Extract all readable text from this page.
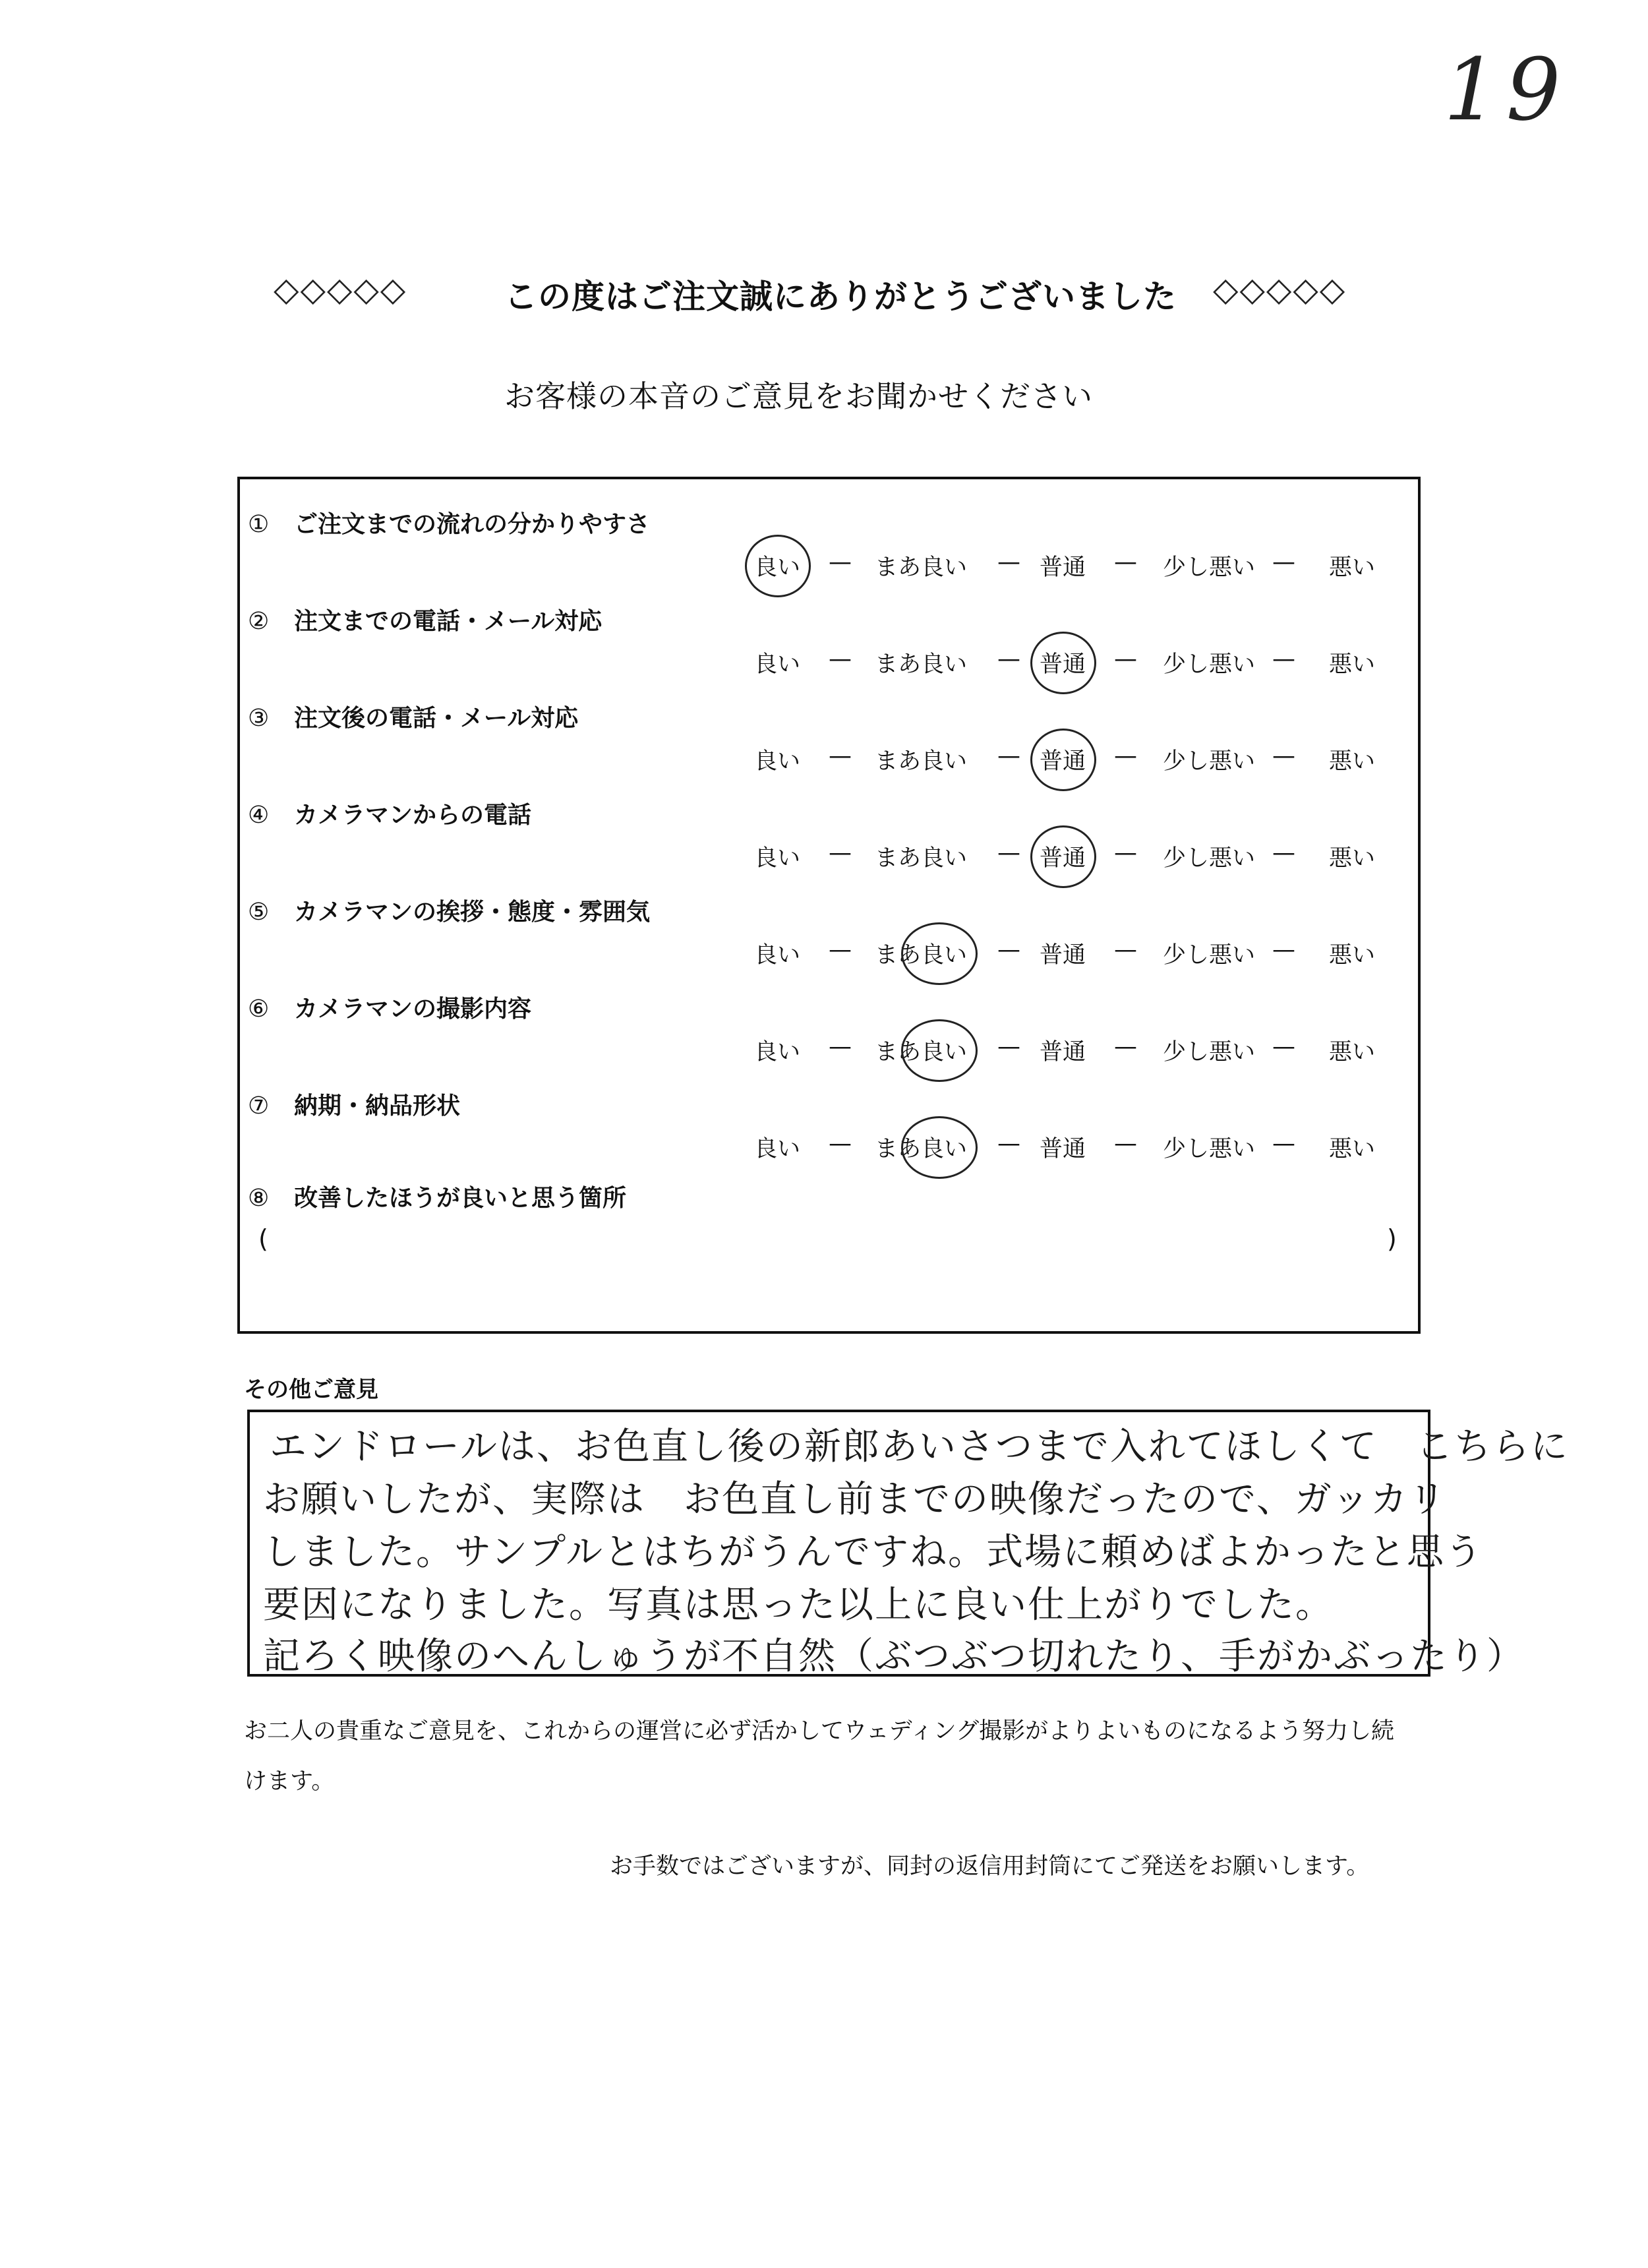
19
◇◇◇◇◇	この度はご注文誠にありがとうございました ◇◇◇◇◇
お客様の本音のご意見をお聞かせください
⑧ 改善したほうが良いと思う箇所
(	)
① ご注文までの流れの分かりやすさ
良い	まあ良い	普通	少し悪い	悪い
—	—	—	—
② 注文までの電話・メール対応
良い	まあ良い	普通	少し悪い	悪い
—	—	—	—
③ 注文後の電話・メール対応
良い	まあ良い	普通	少し悪い	悪い
—	—	—	—
④ カメラマンからの電話
良い	まあ良い	普通	少し悪い	悪い
—	—	—	—
⑤ カメラマンの挨拶・態度・雰囲気
良い	まあ良い	普通	少し悪い	悪い
—	—	—	—
⑥ カメラマンの撮影内容
良い	まあ良い	普通	少し悪い	悪い
—	—	—	—
⑦ 納期・納品形状
良い	まあ良い	普通	少し悪い	悪い
—	—	—	—
その他ご意見
エンドロールは、お色直し後の新郎あいさつまで入れてほしくて　こちらに
お願いしたが、実際は　お色直し前までの映像だったので、ガッカリ
しました。サンプルとはちがうんですね。式場に頼めばよかったと思う
要因になりました。写真は思った以上に良い仕上がりでした。
記ろく映像のへんしゅうが不自然（ぶつぶつ切れたり、手がかぶったり）
お二人の貴重なご意見を、これからの運営に必ず活かしてウェディング撮影がよりよいものになるよう努力し続けます。
お手数ではございますが、同封の返信用封筒にてご発送をお願いします。
